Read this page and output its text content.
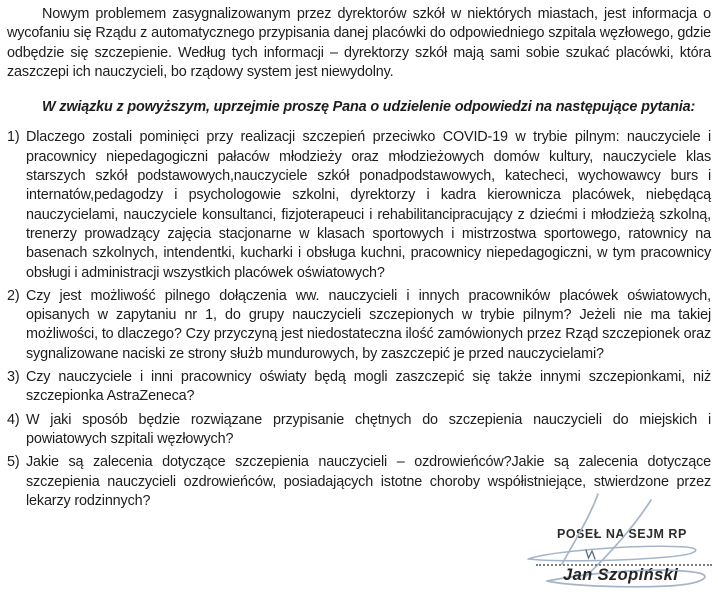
Nowym problemem zasygnalizowanym przez dyrektorów szkół w niektórych miastach, jest informacja o wycofaniu się Rządu z automatycznego przypisania danej placówki do odpowiedniego szpitala węzłowego, gdzie odbędzie się szczepienie. Według tych informacji – dyrektorzy szkół mają sami sobie szukać placówki, która zaszczepi ich nauczycieli, bo rządowy system jest niewydolny.

W związku z powyższym, uprzejmie proszę Pana o udzielenie odpowiedzi na następujące pytania:

1) Dlaczego zostali pominięci przy realizacji szczepień przeciwko COVID-19 w trybie pilnym: nauczyciele i pracownicy niepedagogiczni pałaców młodzieży oraz młodzieżowych domów kultury, nauczyciele klas starszych szkół podstawowych,nauczyciele szkół ponadpodstawowych, katecheci, wychowawcy burs i internatów,pedagodzy i psychologowie szkolni, dyrektorzy i kadra kierownicza placówek, niebędącą nauczycielami, nauczyciele konsultanci, fizjoterapeuci i rehabilitancipracujący z dziećmi i młodzieżą szkolną, trenerzy prowadzący zajęcia stacjonarne w klasach sportowych i mistrzostwa sportowego, ratownicy na basenach szkolnych, intendentki, kucharki i obsługa kuchni, pracownicy niepedagogiczni, w tym pracownicy obsługi i administracji wszystkich placówek oświatowych?
2) Czy jest możliwość pilnego dołączenia ww. nauczycieli i innych pracowników placówek oświatowych, opisanych w zapytaniu nr 1, do grupy nauczycieli szczepionych w trybie pilnym? Jeżeli nie ma takiej możliwości, to dlaczego? Czy przyczyną jest niedostateczna ilość zamówionych przez Rząd szczepionek oraz sygnalizowane naciski ze strony służb mundurowych, by zaszczepić je przed nauczycielami?
3) Czy nauczyciele i inni pracownicy oświaty będą mogli zaszczepić się także innymi szczepionkami, niż szczepionka AstraZeneca?
4) W jaki sposób będzie rozwiązane przypisanie chętnych do szczepienia nauczycieli do miejskich i powiatowych szpitali węzłowych?
5) Jakie są zalecenia dotyczące szczepienia nauczycieli – ozdrowieńców?Jakie są zalecenia dotyczące szczepienia nauczycieli ozdrowieńców, posiadających istotne choroby współistniejące, stwierdzone przez lekarzy rodzinnych?
POSEŁ NA SEJM RP
Jan Szopiński
